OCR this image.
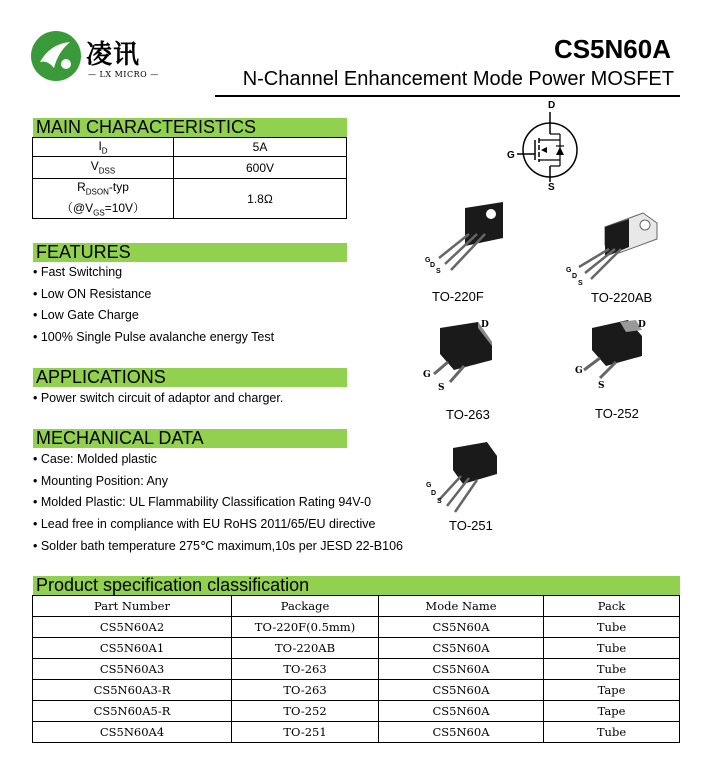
凌讯
— LX MICRO —
CS5N60A
N-Channel Enhancement Mode Power MOSFET
MAIN CHARACTERISTICS
$I_D$	5A
$V_{DSS}$	600V

$R_{DSON}$-typ
$(@V_{GS}=10V)$	1.8Ω
FEATURES
• Fast Switching
• Low ON Resistance
• Low Gate Charge
• 100% Single Pulse avalanche energy Test
APPLICATIONS
• Power switch circuit of adaptor and charger.
MECHANICAL DATA
• Case: Molded plastic
• Mounting Position: Any
• Molded Plastic: UL Flammability Classification Rating 94V-0
• Lead free in compliance with EU RoHS 2011/65/EU directive
• Solder bath temperature 275℃ maximum,10s per JESD 22-B106
D
G
S
G
D
S	G
D
S
D
G
S
D
G
S
G
D
S
TO-220F	TO-220AB
TO-263	TO-252
TO-251
Product specification classification
Part Number	Package	Mode Name	Pack
CS5N60A2	TO-220F(0.5mm)	CS5N60A	Tube
CS5N60A1	TO-220AB	CS5N60A	Tube
CS5N60A3	TO-263	CS5N60A	Tube
CS5N60A3-R	TO-263	CS5N60A	Tape
CS5N60A5-R	TO-252	CS5N60A	Tape
CS5N60A4	TO-251	CS5N60A	Tube
